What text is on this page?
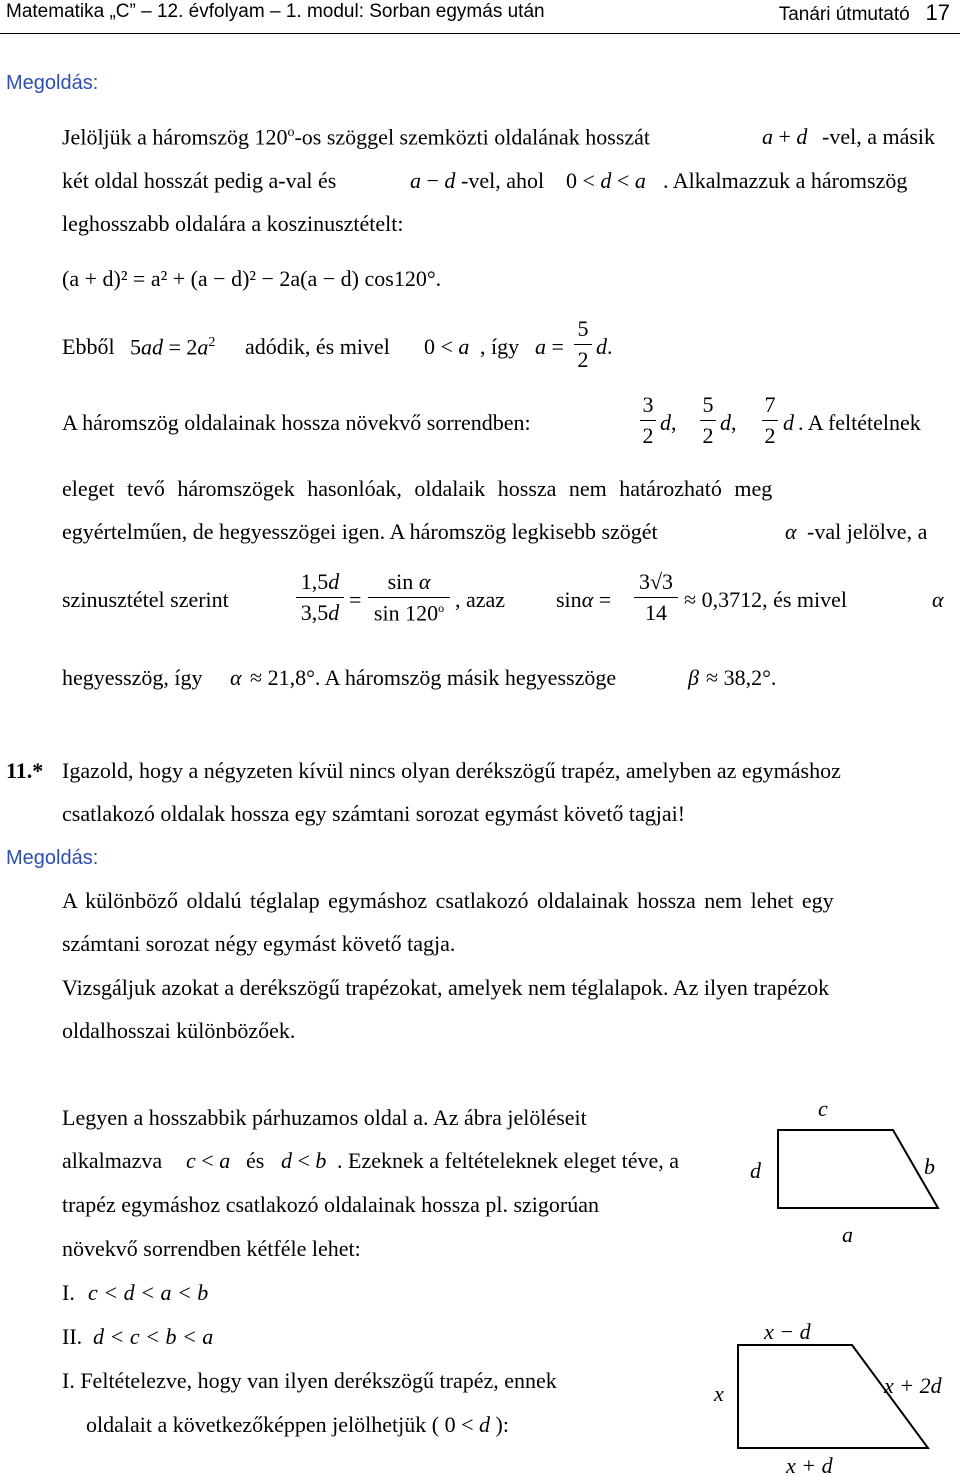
Matematika „C” – 12. évfolyam – 1. modul: Sorban egymás után	Tanári útmutató 17
Megoldás:
Jelöljük a háromszög 120$^o$-os szöggel szemközti oldalának hosszát	a + d -vel, a másik
két oldal hosszát pedig a-val és	a − d -vel, ahol 0 < d < a . Alkalmazzuk a háromszög
leghosszabb oldalára a koszinusztételt:
(a + d)² = a² + (a − d)² − 2a(a − d) cos120°.
Ebből $5ad = 2a^2$ adódik, és mivel 0 < a , így a =
5
2
d.
A háromszög oldalainak hossza növekvő sorrendben:
3
2
d,
5
2
d,
7
2
d . A feltételnek
eleget tevő háromszögek hasonlóak, oldalaik hossza nem határozható meg
egyértelműen, de hegyesszögei igen. A háromszög legkisebb szögét	α -val jelölve, a
szinusztétel szerint
1,5d
3,5d
=
sin α
sin 120$^o$ , azaz sinα =
3√3
14
≈ 0,3712, és mivel	α
hegyesszög, így α ≈ 21,8°. A háromszög másik hegyesszöge	β ≈ 38,2°.
11.* Igazold, hogy a négyzeten kívül nincs olyan derékszögű trapéz, amelyben az egymáshoz
csatlakozó oldalak hossza egy számtani sorozat egymást követő tagjai!
Megoldás:
A különböző oldalú téglalap egymáshoz csatlakozó oldalainak hossza nem lehet egy
számtani sorozat négy egymást követő tagja.
Vizsgáljuk azokat a derékszögű trapézokat, amelyek nem téglalapok. Az ilyen trapézok
oldalhosszai különbözőek.
Legyen a hosszabbik párhuzamos oldal a. Az ábra jelöléseit
alkalmazva c < a és d < b . Ezeknek a feltételeknek eleget téve, a
trapéz egymáshoz csatlakozó oldalainak hossza pl. szigorúan
növekvő sorrendben kétféle lehet:
I. c < d < a < b
II. d < c < b < a
I. Feltételezve, hogy van ilyen derékszögű trapéz, ennek
oldalait a következőképpen jelölhetjük ( 0 < d ):
c
d	b
a
x − d
x	x + 2d
x + d
